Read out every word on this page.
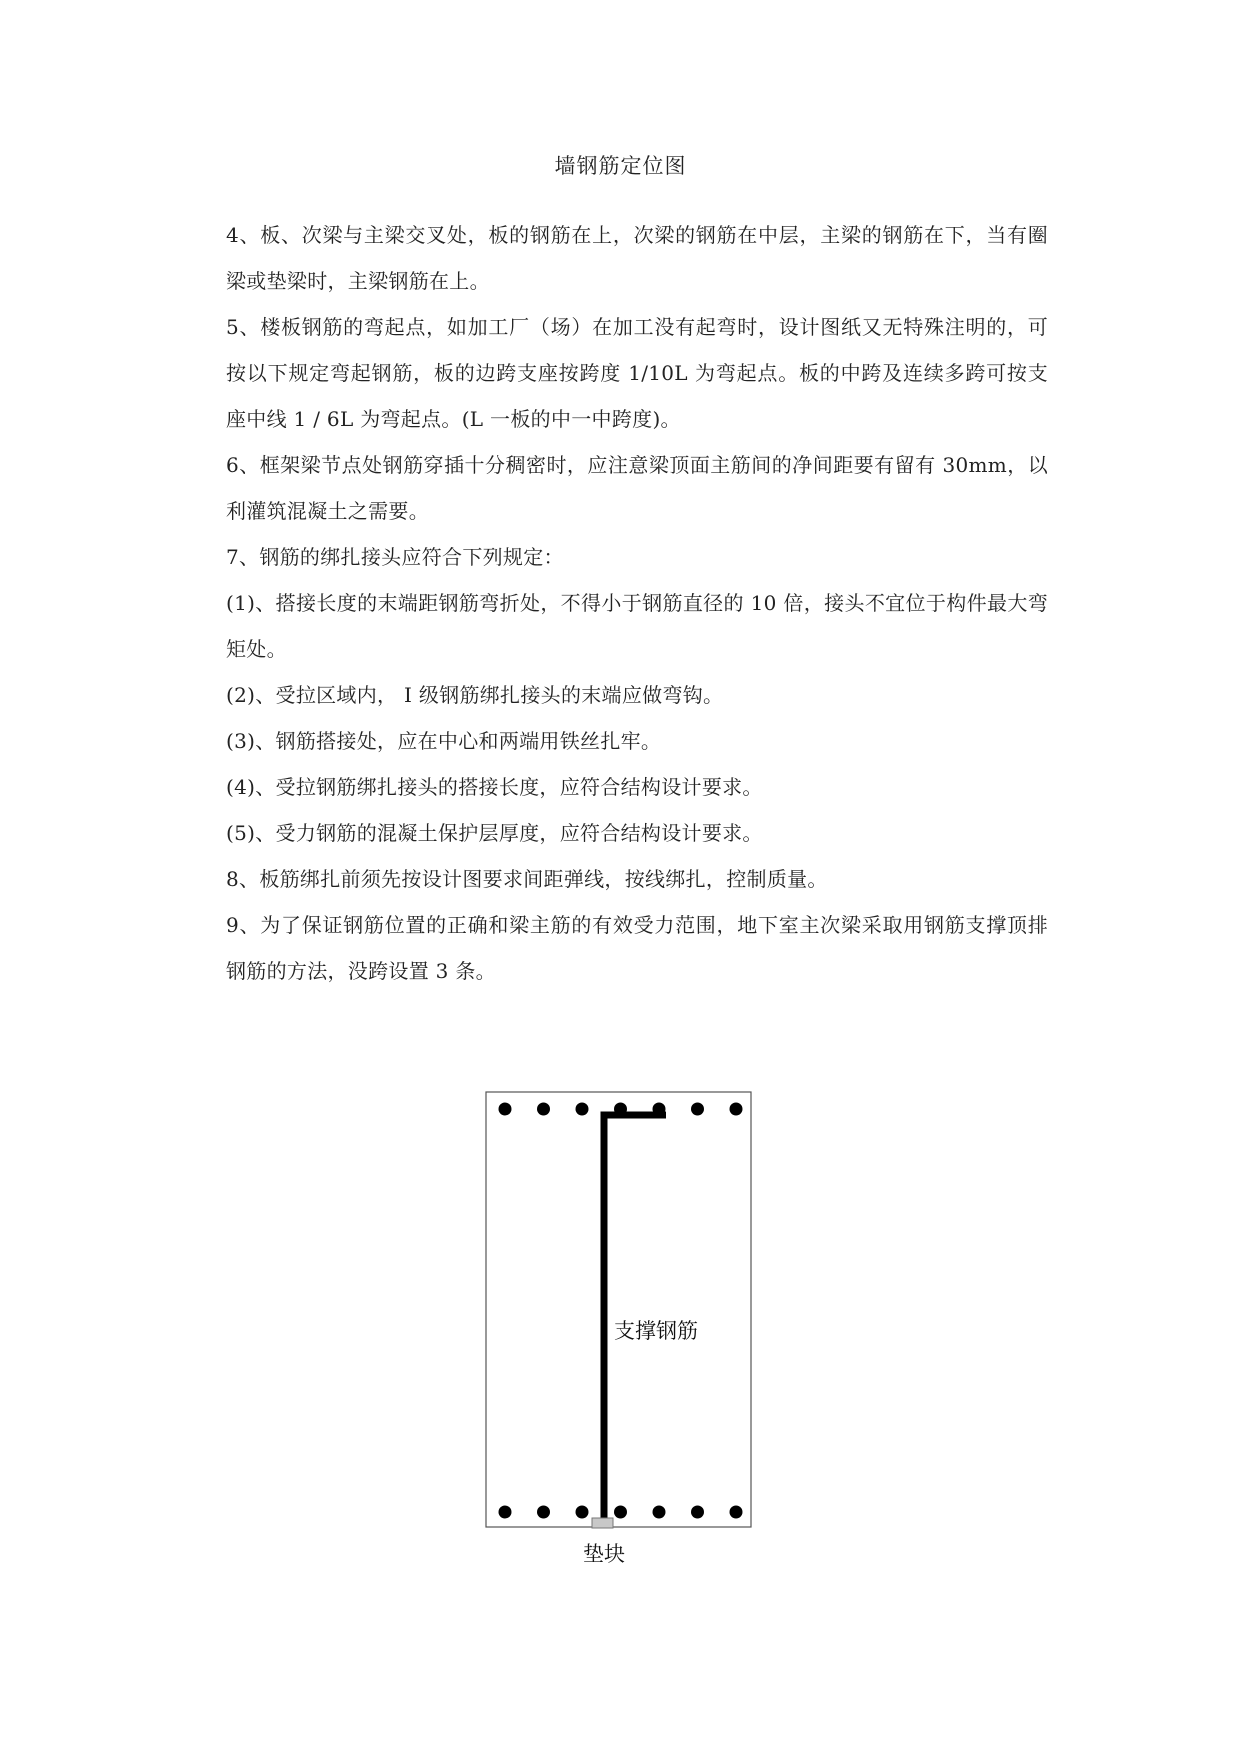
墙钢筋定位图

4、板、次梁与主梁交叉处，板的钢筋在上，次梁的钢筋在中层，主梁的钢筋在下，当有圈梁或垫梁时，主梁钢筋在上。

5、楼板钢筋的弯起点，如加工厂（场）在加工没有起弯时，设计图纸又无特殊注明的，可按以下规定弯起钢筋，板的边跨支座按跨度 1/10L 为弯起点。板的中跨及连续多跨可按支座中线 1 / 6L 为弯起点。(L 一板的中一中跨度)。

6、框架梁节点处钢筋穿插十分稠密时，应注意梁顶面主筋间的净间距要有留有 30mm，以利灌筑混凝土之需要。

7、钢筋的绑扎接头应符合下列规定：

(1)、搭接长度的末端距钢筋弯折处，不得小于钢筋直径的 10 倍，接头不宜位于构件最大弯矩处。

(2)、受拉区域内， Ⅰ 级钢筋绑扎接头的末端应做弯钩。

(3)、钢筋搭接处，应在中心和两端用铁丝扎牢。

(4)、受拉钢筋绑扎接头的搭接长度，应符合结构设计要求。

(5)、受力钢筋的混凝土保护层厚度，应符合结构设计要求。

8、板筋绑扎前须先按设计图要求间距弹线，按线绑扎，控制质量。

9、为了保证钢筋位置的正确和梁主筋的有效受力范围，地下室主次梁采取用钢筋支撑顶排钢筋的方法，没跨设置 3 条。

支撑钢筋
垫块
